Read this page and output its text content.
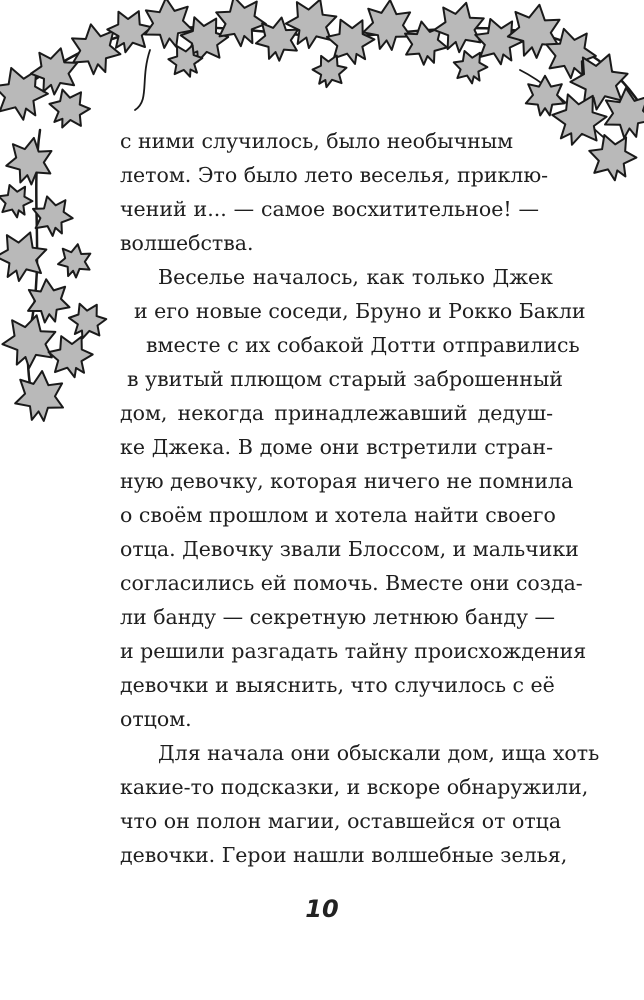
с ними случилось, было необычным
летом. Это было лето веселья, приклю-
чений и... — самое восхитительное! —
волшебства.
Веселье началось, как только Джек
и его новые соседи, Бруно и Рокко Бакли
вместе с их собакой Дотти отправились
в увитый плющом старый заброшенный
дом, некогда принадлежавший дедуш-
ке Джека. В доме они встретили стран-
ную девочку, которая ничего не помнила
о своём прошлом и хотела найти своего
отца. Девочку звали Блоссом, и мальчики
согласились ей помочь. Вместе они созда-
ли банду — секретную летнюю банду —
и решили разгадать тайну происхождения
девочки и выяснить, что случилось с её
отцом.
Для начала они обыскали дом, ища хоть
какие-то подсказки, и вскоре обнаружили,
что он полон магии, оставшейся от отца
девочки. Герои нашли волшебные зелья,
10
